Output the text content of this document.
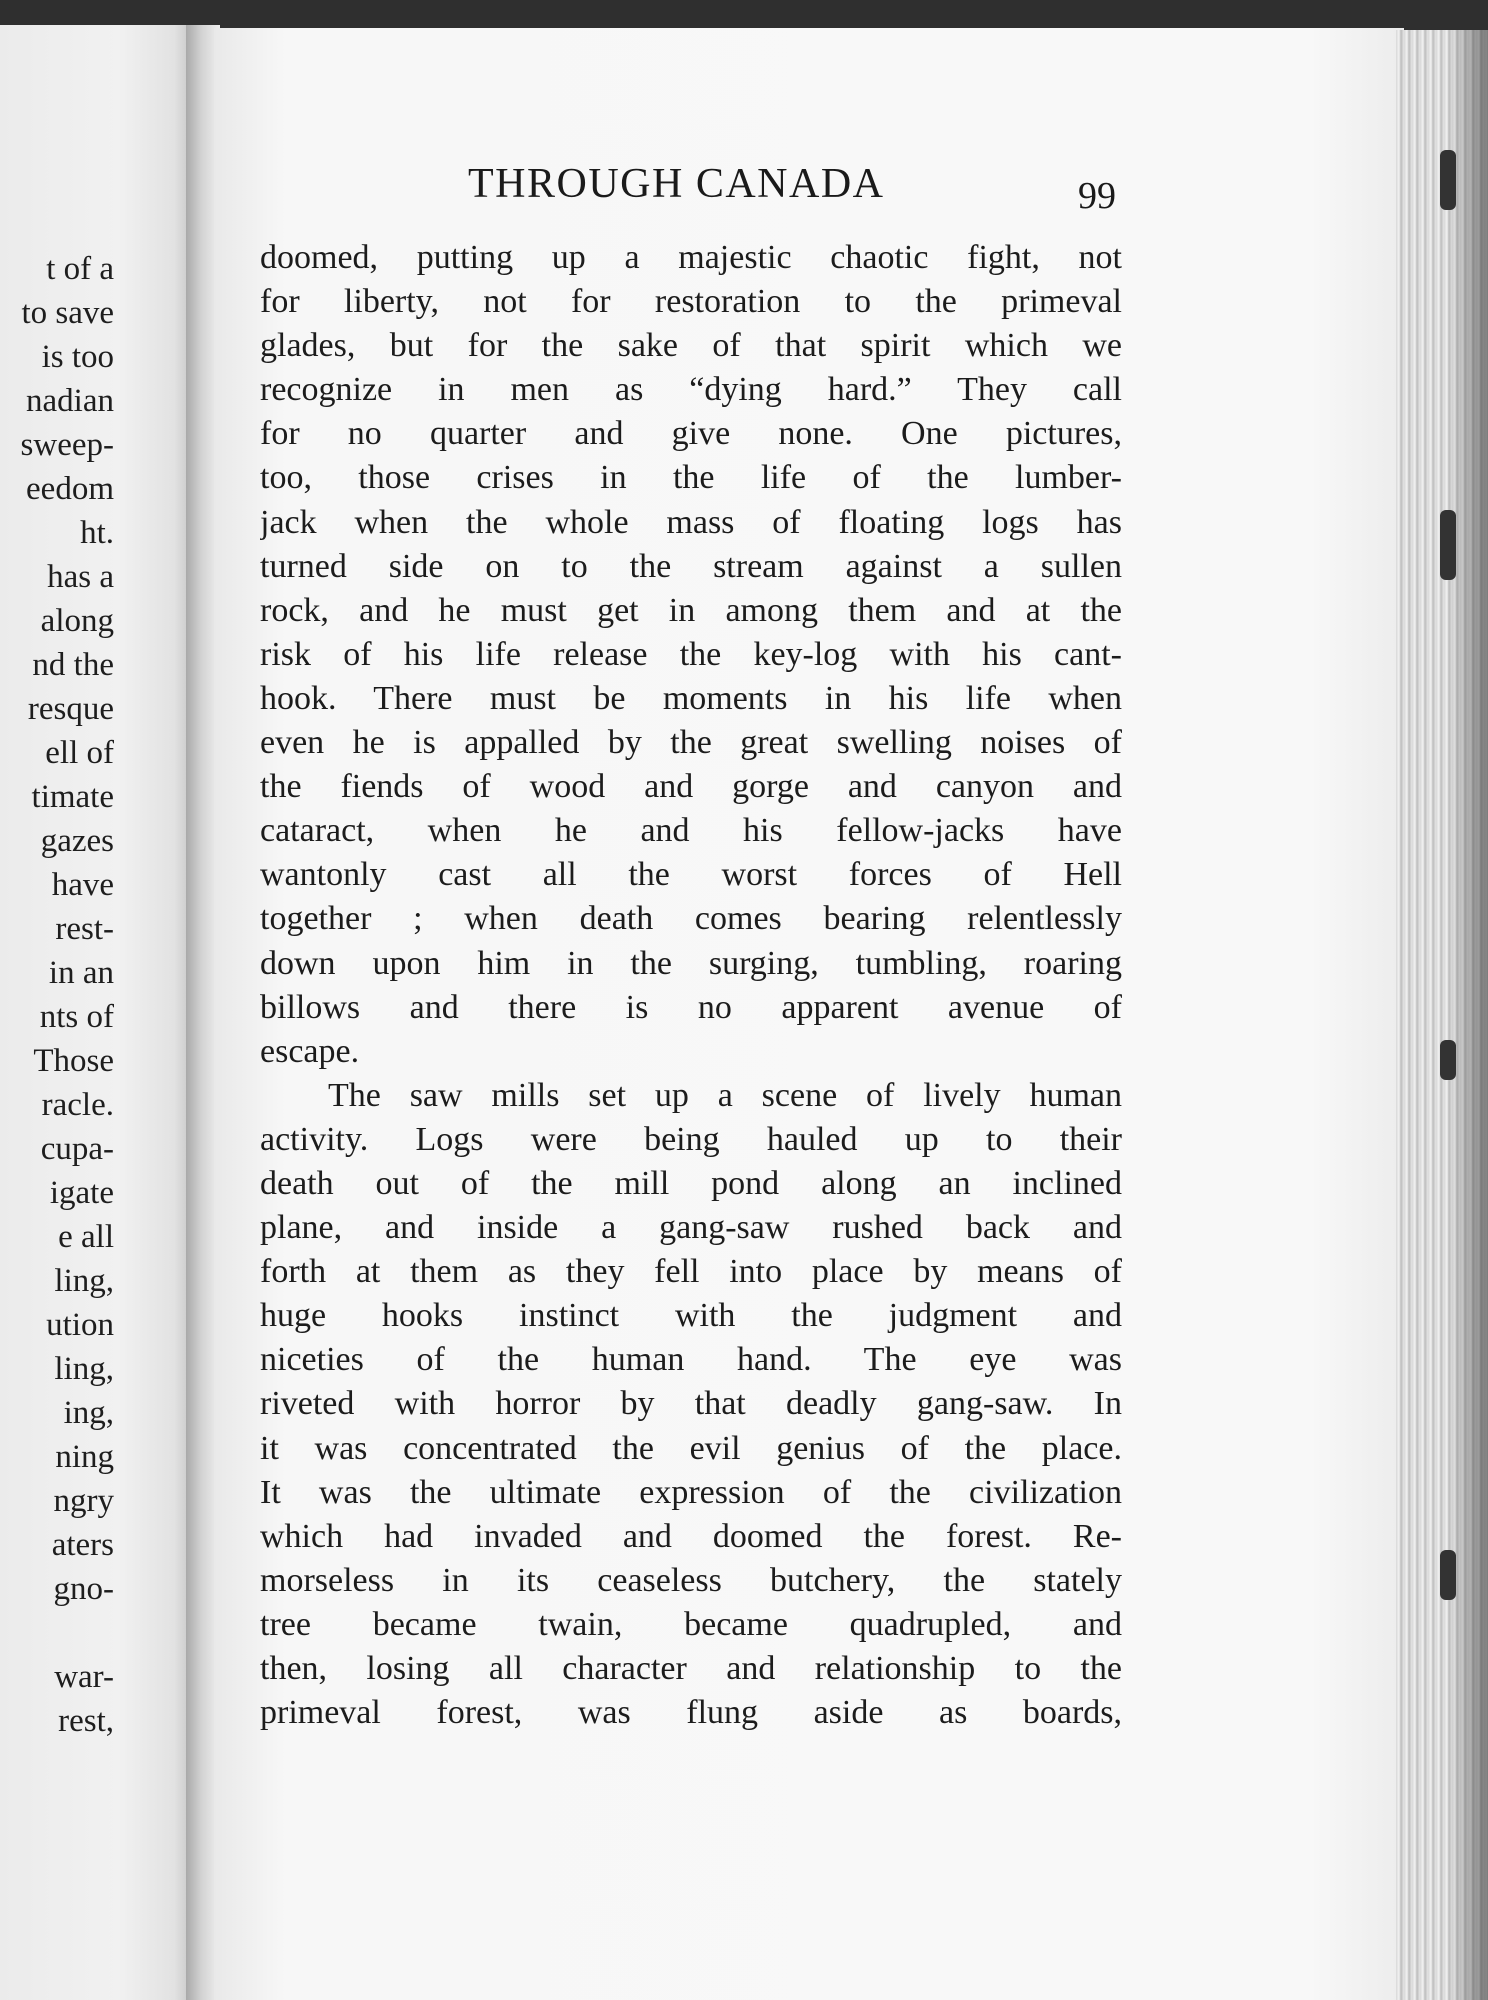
t of a
to save
is too
nadian
sweep-
eedom
ht.
has a
along
nd the
resque
ell of
timate
gazes
have
rest-
in an
nts of
Those
racle.
cupa-
igate
e all
ling,
ution
ling,
ing,
ning
ngry
aters
gno-
war-
rest,
THROUGH CANADA	99
doomed, putting up a majestic chaotic fight, not
for liberty, not for restoration to the primeval
glades, but for the sake of that spirit which we
recognize in men as “dying hard.” They call
for no quarter and give none. One pictures,
too, those crises in the life of the lumber-
jack when the whole mass of floating logs has
turned side on to the stream against a sullen
rock, and he must get in among them and at the
risk of his life release the key-log with his cant-
hook. There must be moments in his life when
even he is appalled by the great swelling noises of
the fiends of wood and gorge and canyon and
cataract, when he and his fellow-jacks have
wantonly cast all the worst forces of Hell
together ; when death comes bearing relentlessly
down upon him in the surging, tumbling, roaring
billows and there is no apparent avenue of
escape.
The saw mills set up a scene of lively human
activity. Logs were being hauled up to their
death out of the mill pond along an inclined
plane, and inside a gang-saw rushed back and
forth at them as they fell into place by means of
huge hooks instinct with the judgment and
niceties of the human hand. The eye was
riveted with horror by that deadly gang-saw. In
it was concentrated the evil genius of the place.
It was the ultimate expression of the civilization
which had invaded and doomed the forest. Re-
morseless in its ceaseless butchery, the stately
tree became twain, became quadrupled, and
then, losing all character and relationship to the
primeval forest, was flung aside as boards,
